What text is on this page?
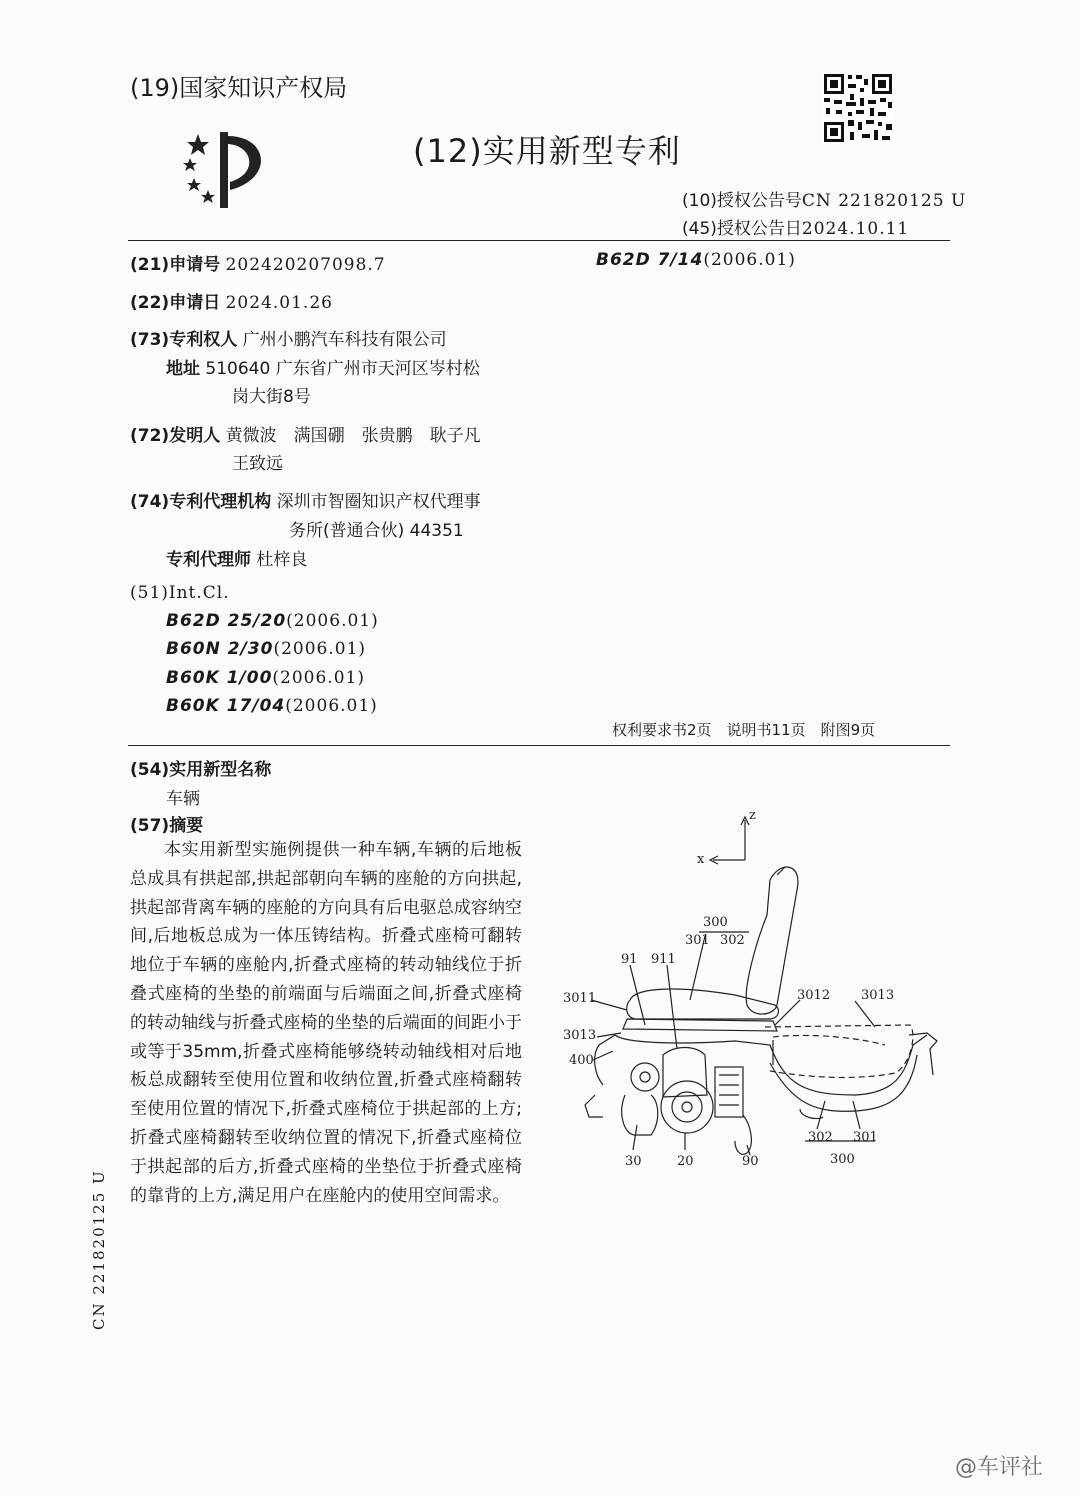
(19)国家知识产权局
(12)实用新型专利
(10)授权公告号CN 221820125 U
(45)授权公告日2024.10.11
(21)申请号 202420207098.7	B62D 7/14(2006.01)
(22)申请日 2024.01.26
(73)专利权人 广州小鹏汽车科技有限公司
地址 510640 广东省广州市天河区岑村松
岗大街8号
(72)发明人 黄微波　满国硼　张贵鹏　耿子凡
王致远
(74)专利代理机构 深圳市智圈知识产权代理事
务所(普通合伙) 44351
专利代理师 杜梓良
(51)Int.Cl.
B62D 25/20(2006.01)
B60N 2/30(2006.01)
B60K 1/00(2006.01)
B60K 17/04(2006.01)
权利要求书2页　说明书11页　附图9页
(54)实用新型名称
车辆
(57)摘要
本实用新型实施例提供一种车辆,车辆的后地板总成具有拱起部,拱起部朝向车辆的座舱的方向拱起,拱起部背离车辆的座舱的方向具有后电驱总成容纳空间,后地板总成为一体压铸结构。折叠式座椅可翻转地位于车辆的座舱内,折叠式座椅的转动轴线位于折叠式座椅的坐垫的前端面与后端面之间,折叠式座椅的转动轴线与折叠式座椅的坐垫的后端面的间距小于或等于35mm,折叠式座椅能够绕转动轴线相对后地板总成翻转至使用位置和收纳位置,折叠式座椅翻转至使用位置的情况下,折叠式座椅位于拱起部的上方;折叠式座椅翻转至收纳位置的情况下,折叠式座椅位于拱起部的后方,折叠式座椅的坐垫位于折叠式座椅的靠背的上方,满足用户在座舱内的使用空间需求。
z
x
300
301 302
3012 3013
91 911
3011
3013
400
302 301
300
30	20	90
CN 221820125 U
@车评社
